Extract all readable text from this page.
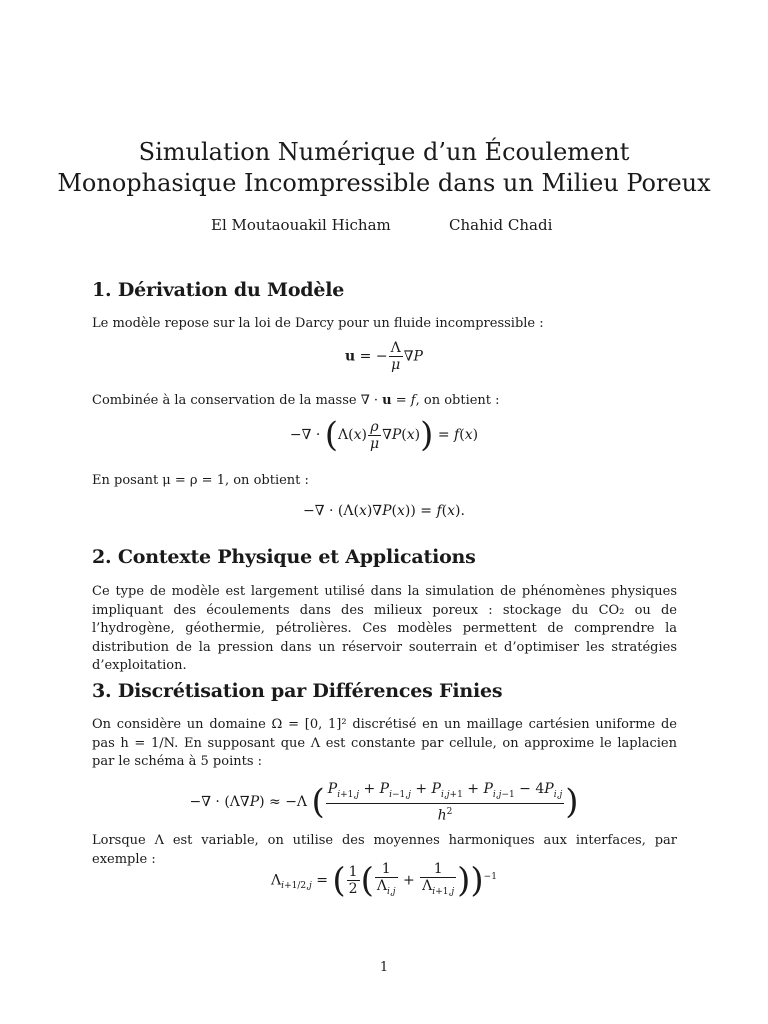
Simulation Numérique d’un Écoulement
Monophasique Incompressible dans un Milieu Poreux
El Moutaouakil Hicham	Chahid Chadi
1. Dérivation du Modèle
Le modèle repose sur la loi de Darcy pour un fluide incompressible :
u = − $\frac{\Lambda}{\mu} \nabla P$
Combinée à la conservation de la masse ∇ · u = f, on obtient :
−∇ · $(\Lambda(x) \frac{\rho}{\mu} \nabla P(x)) = f(x)$
En posant μ = ρ = 1, on obtient :
−∇ · (Λ(x)∇P(x)) = f(x).
2. Contexte Physique et Applications
Ce type de modèle est largement utilisé dans la simulation de phénomènes physiques impliquant des écoulements dans des milieux poreux : stockage du CO₂ ou de l’hydrogène, géothermie, pétrolières. Ces modèles permettent de comprendre la distribution de la pression dans un réservoir souterrain et d’optimiser les stratégies d’exploitation.
3. Discrétisation par Différences Finies
On considère un domaine Ω = [0, 1]² discrétisé en un maillage cartésien uniforme de pas h = 1/N. En supposant que Λ est constante par cellule, on approxime le laplacien par le schéma à 5 points :
−∇ · (Λ∇P) ≈ −Λ ( $\frac{P_{i+1,j} + P_{i-1,j} + P_{i,j+1} + P_{i,j-1} - 4P_{i,j}}{h^2}$ )
Lorsque Λ est variable, on utilise des moyennes harmoniques aux interfaces, par exemple :
$\Lambda_{i+1/2,j}$ = ( $\frac{1}{2}$ ( $\frac{1}{\Lambda_{i,j}} + \frac{1}{\Lambda_{i+1,j}} ))^{-1}$
1
